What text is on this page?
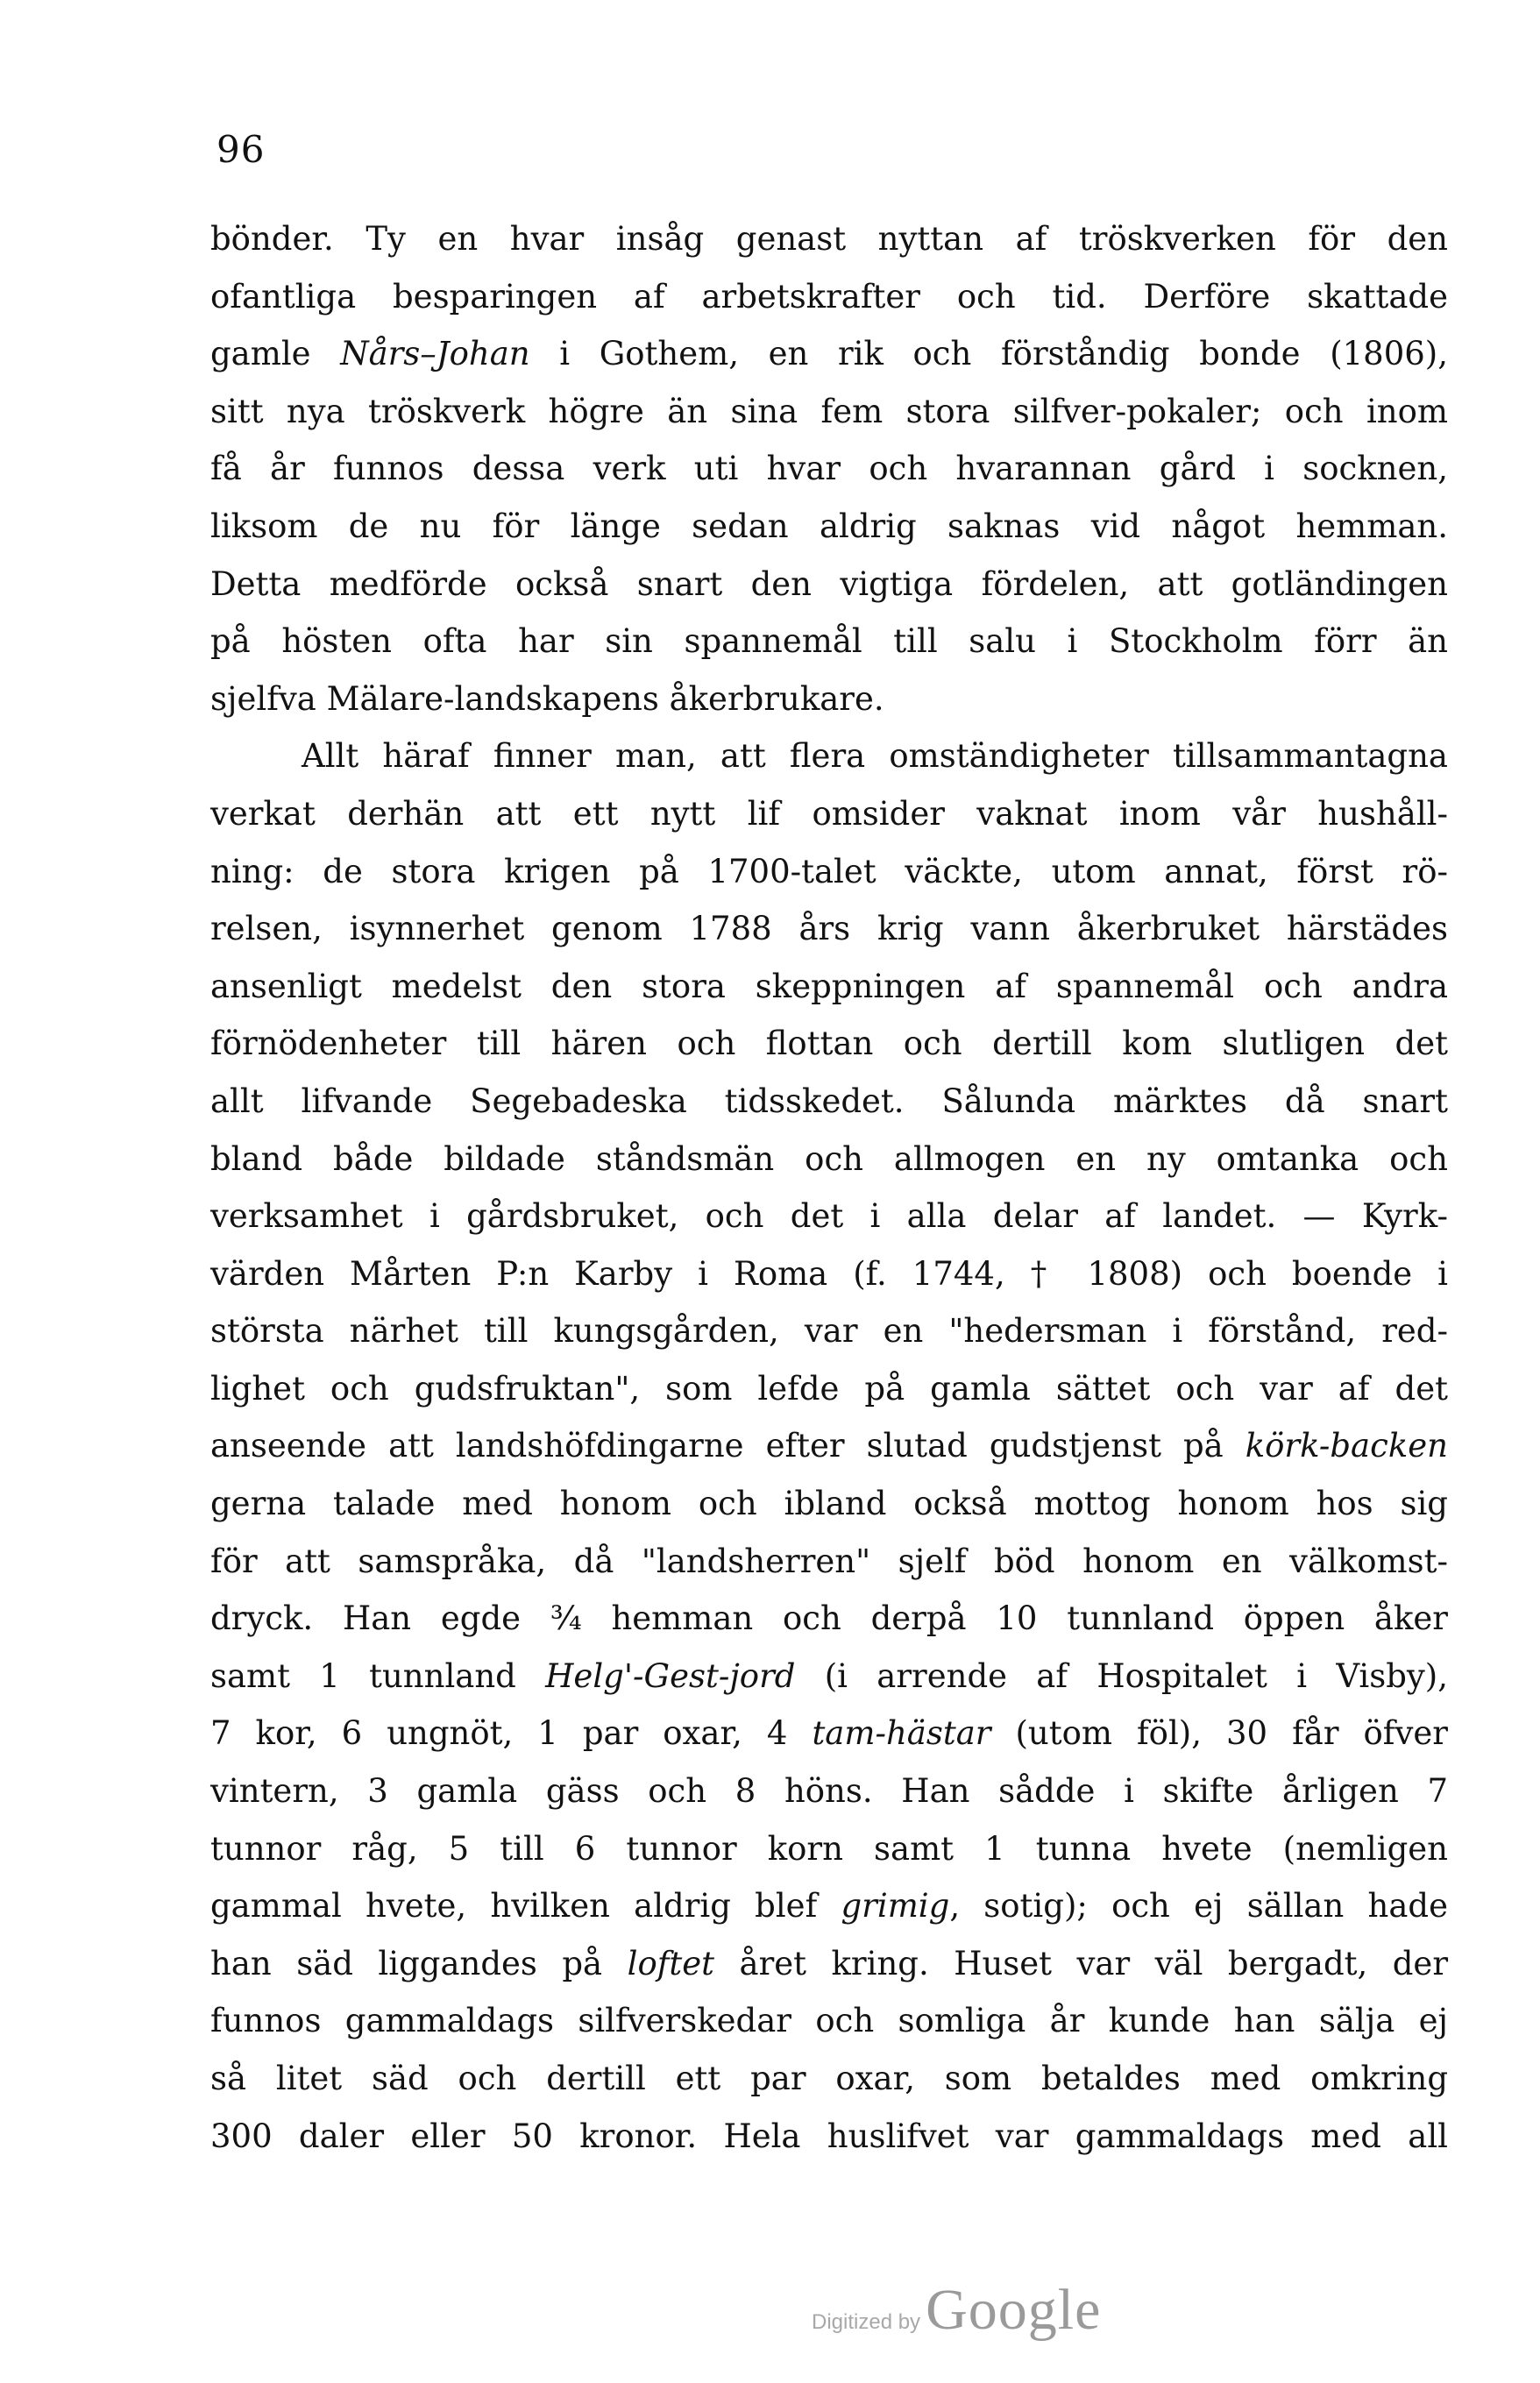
96
bönder. Ty en hvar insåg genast nyttan af tröskverken för den
ofantliga besparingen af arbetskrafter och tid. Derföre skattade
gamle Nårs–Johan i Gothem, en rik och förståndig bonde (1806),
sitt nya tröskverk högre än sina fem stora silfver-pokaler; och inom
få år funnos dessa verk uti hvar och hvarannan gård i socknen,
liksom de nu för länge sedan aldrig saknas vid något hemman.
Detta medförde också snart den vigtiga fördelen, att gotländingen
på hösten ofta har sin spannemål till salu i Stockholm förr än
sjelfva Mälare-landskapens åkerbrukare.
Allt häraf finner man, att flera omständigheter tillsammantagna
verkat derhän att ett nytt lif omsider vaknat inom vår hushåll-
ning: de stora krigen på 1700-talet väckte, utom annat, först rö-
relsen, isynnerhet genom 1788 års krig vann åkerbruket härstädes
ansenligt medelst den stora skeppningen af spannemål och andra
förnödenheter till hären och flottan och dertill kom slutligen det
allt lifvande Segebadeska tidsskedet. Sålunda märktes då snart
bland både bildade ståndsmän och allmogen en ny omtanka och
verksamhet i gårdsbruket, och det i alla delar af landet. — Kyrk-
värden Mårten P:n Karby i Roma (f. 1744, † 1808) och boende i
största närhet till kungsgården, var en "hedersman i förstånd, red-
lighet och gudsfruktan", som lefde på gamla sättet och var af det
anseende att landshöfdingarne efter slutad gudstjenst på körk-backen
gerna talade med honom och ibland också mottog honom hos sig
för att samspråka, då "landsherren" sjelf böd honom en välkomst-
dryck. Han egde ¾ hemman och derpå 10 tunnland öppen åker
samt 1 tunnland Helg'-Gest-jord (i arrende af Hospitalet i Visby),
7 kor, 6 ungnöt, 1 par oxar, 4 tam-hästar (utom föl), 30 får öfver
vintern, 3 gamla gäss och 8 höns. Han sådde i skifte årligen 7
tunnor råg, 5 till 6 tunnor korn samt 1 tunna hvete (nemligen
gammal hvete, hvilken aldrig blef grimig, sotig); och ej sällan hade
han säd liggandes på loftet året kring. Huset var väl bergadt, der
funnos gammaldags silfverskedar och somliga år kunde han sälja ej
så litet säd och dertill ett par oxar, som betaldes med omkring
300 daler eller 50 kronor. Hela huslifvet var gammaldags med all
Digitized byGoogle
